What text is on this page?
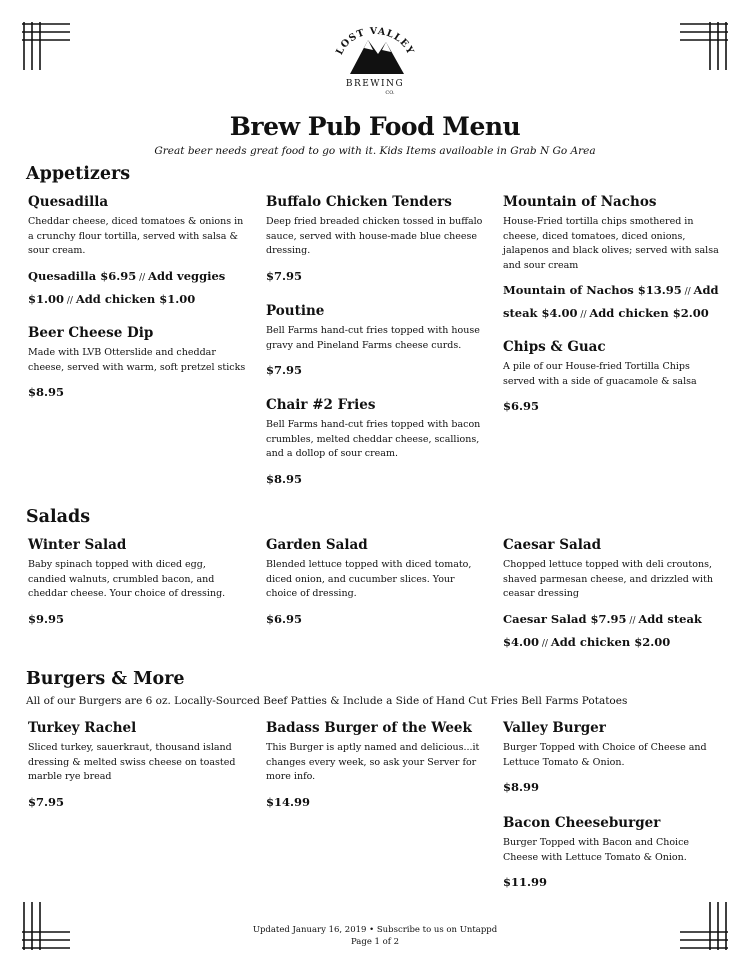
LOST VALLEY
BREWING
CO.
Brew Pub Food Menu
Great beer needs great food to go with it. Kids Items availoable in Grab N Go Area
Appetizers
Quesadilla
Cheddar cheese, diced tomatoes & onions in a crunchy flour tortilla, served with salsa & sour cream.
Quesadilla $6.95 // Add veggies
$1.00 // Add chicken $1.00
Beer Cheese Dip
Made with LVB Otterslide and cheddar cheese, served with warm, soft pretzel sticks
$8.95
Buffalo Chicken Tenders
Deep fried breaded chicken tossed in buffalo sauce, served with house-made blue cheese dressing.
$7.95
Poutine
Bell Farms hand-cut fries topped with house gravy and Pineland Farms cheese curds.
$7.95
Chair #2 Fries
Bell Farms hand-cut fries topped with bacon crumbles, melted cheddar cheese, scallions, and a dollop of sour cream.
$8.95
Mountain of Nachos
House-Fried tortilla chips smothered in cheese, diced tomatoes, diced onions, jalapenos and black olives; served with salsa and sour cream
Mountain of Nachos $13.95 // Add
steak $4.00 // Add chicken $2.00
Chips & Guac
A pile of our House-fried Tortilla Chips served with a side of guacamole & salsa
$6.95
Salads
Winter Salad
Baby spinach topped with diced egg, candied walnuts, crumbled bacon, and cheddar cheese. Your choice of dressing.
$9.95
Garden Salad
Blended lettuce topped with diced tomato, diced onion, and cucumber slices. Your choice of dressing.
$6.95
Caesar Salad
Chopped lettuce topped with deli croutons, shaved parmesan cheese, and drizzled with ceasar dressing
Caesar Salad $7.95 // Add steak
$4.00 // Add chicken $2.00
Burgers & More
All of our Burgers are 6 oz. Locally-Sourced Beef Patties & Include a Side of Hand Cut Fries Bell Farms Potatoes
Turkey Rachel
Sliced turkey, sauerkraut, thousand island dressing & melted swiss cheese on toasted marble rye bread
$7.95
Badass Burger of the Week
This Burger is aptly named and delicious...it changes every week, so ask your Server for more info.
$14.99
Valley Burger
Burger Topped with Choice of Cheese and Lettuce Tomato & Onion.
$8.99
Bacon Cheeseburger
Burger Topped with Bacon and Choice Cheese with Lettuce Tomato & Onion.
$11.99
Updated January 16, 2019 • Subscribe to us on Untappd
Page 1 of 2
